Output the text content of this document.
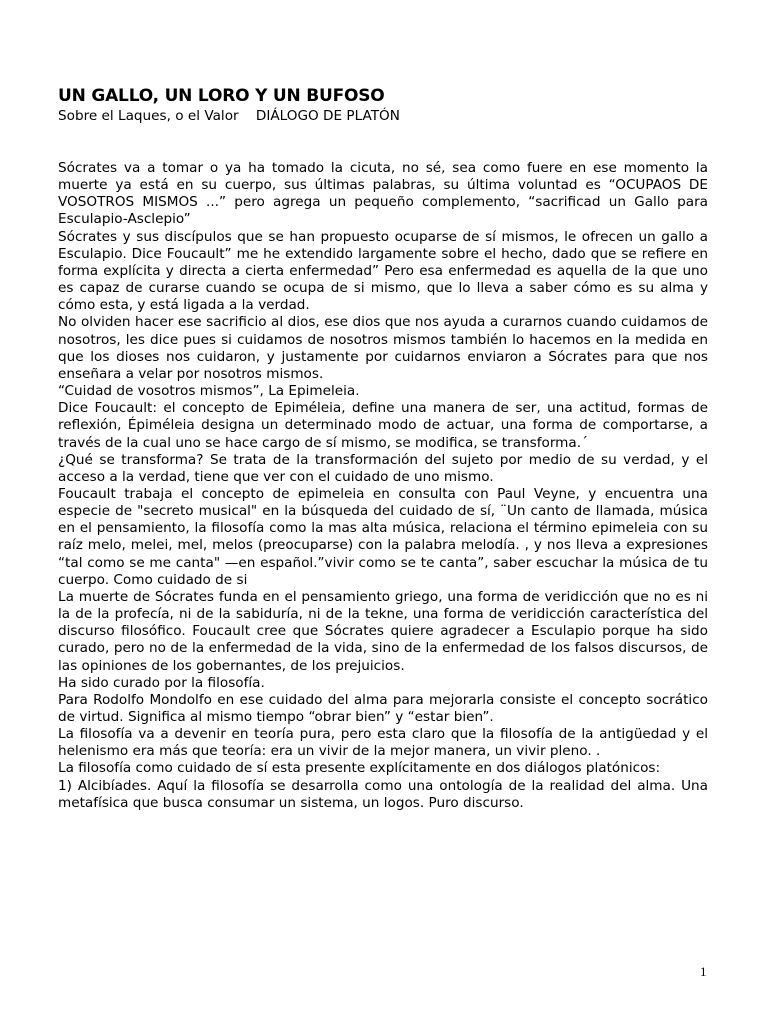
UN GALLO, UN LORO Y UN BUFOSO
Sobre el Laques, o el Valor    DIÁLOGO DE PLATÓN

Sócrates va a tomar o ya ha tomado la cicuta, no sé, sea como fuere en ese momento la muerte ya está en su cuerpo, sus últimas palabras, su última voluntad es “OCUPAOS DE VOSOTROS MISMOS ...” pero agrega un pequeño complemento, “sacrificad un Gallo para Esculapio-Asclepio”

Sócrates y sus discípulos que se han propuesto ocuparse de sí mismos, le ofrecen un gallo a Esculapio. Dice Foucault” me he extendido largamente sobre el hecho, dado que se refiere en forma explícita y directa a cierta enfermedad” Pero esa enfermedad es aquella de la que uno es capaz de curarse cuando se ocupa de si mismo, que lo lleva a saber cómo es su alma y cómo esta, y está ligada a la verdad.

No olviden hacer ese sacrificio al dios, ese dios que nos ayuda a curarnos cuando cuidamos de nosotros, les dice pues si cuidamos de nosotros mismos también lo hacemos en la medida en que los dioses nos cuidaron, y justamente por cuidarnos enviaron a Sócrates para que nos enseñara a velar por nosotros mismos.

“Cuidad de vosotros mismos”, La Epimeleia.

Dice Foucault: el concepto de Epiméleia, define una manera de ser, una actitud, formas de reflexión, Épiméleia designa un determinado modo de actuar, una forma de comportarse, a través de la cual uno se hace cargo de sí mismo, se modifica, se transforma.´

¿Qué se transforma? Se trata de la transformación del sujeto por medio de su verdad, y el acceso a la verdad, tiene que ver con el cuidado de uno mismo.

Foucault trabaja el concepto de epimeleia en consulta con Paul Veyne, y encuentra una especie de "secreto musical" en la búsqueda del cuidado de sí, ¨Un canto de llamada, música en el pensamiento, la filosofía como la mas alta música, relaciona el término epimeleia con su raíz melo, melei, mel, melos (preocuparse) con la palabra melodía. , y nos lleva a expresiones “tal como se me canta" —en español.”vivir como se te canta”, saber escuchar la música de tu cuerpo. Como cuidado de si

La muerte de Sócrates funda en el pensamiento griego, una forma de veridicción que no es ni la de la profecía, ni de la sabiduría, ni de la tekne, una forma de veridicción característica del discurso filosófico. Foucault cree que Sócrates quiere agradecer a Esculapio porque ha sido curado, pero no de la enfermedad de la vida, sino de la enfermedad de los falsos discursos, de las opiniones de los gobernantes, de los prejuicios.

Ha sido curado por la filosofía.

Para Rodolfo Mondolfo en ese cuidado del alma para mejorarla consiste el concepto socrático de virtud. Significa al mismo tiempo “obrar bien” y “estar bien”.

La filosofía va a devenir en teoría pura, pero esta claro que la filosofía de la antigüedad y el helenismo era más que teoría: era un vivir de la mejor manera, un vivir pleno. .

La filosofía como cuidado de sí esta presente explícitamente en dos diálogos platónicos:

1) Alcibíades. Aquí la filosofía se desarrolla como una ontología de la realidad del alma. Una metafísica que busca consumar un sistema, un logos. Puro discurso.

1
